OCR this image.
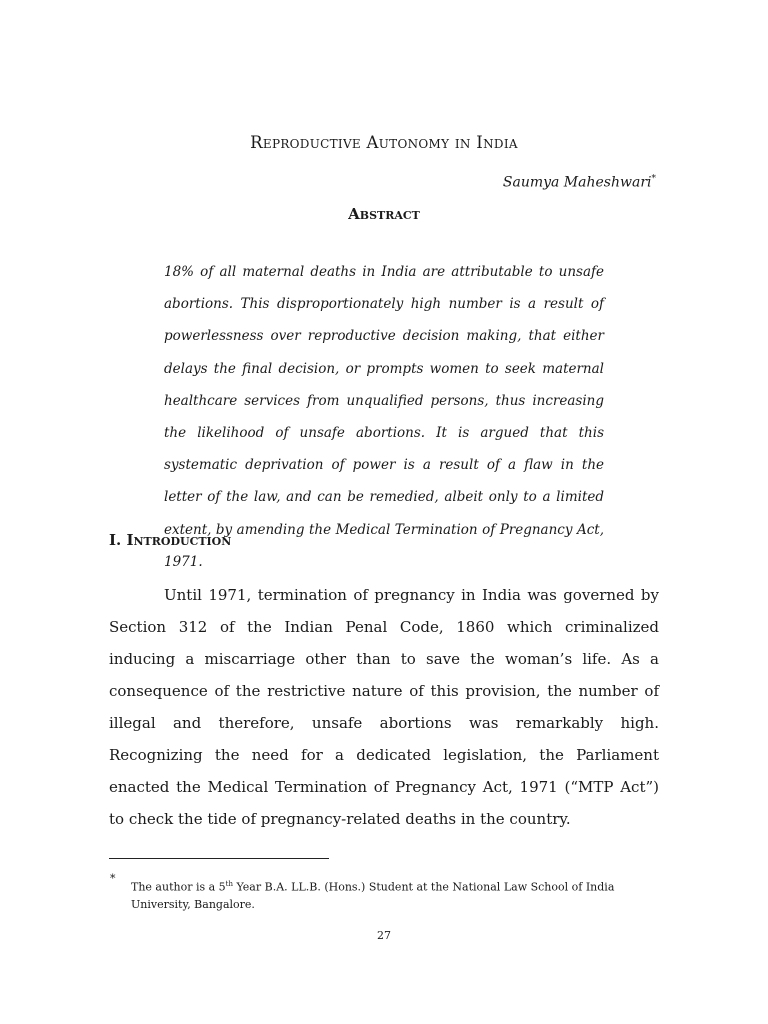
Reproductive Autonomy in India
Saumya Maheshwari*
Abstract

18% of all maternal deaths in India are attributable to unsafe abortions. This disproportionately high number is a result of powerlessness over reproductive decision making, that either delays the final decision, or prompts women to seek maternal healthcare services from unqualified persons, thus increasing the likelihood of unsafe abortions. It is argued that this systematic deprivation of power is a result of a flaw in the letter of the law, and can be remedied, albeit only to a limited extent, by amending the Medical Termination of Pregnancy Act, 1971.

I. Introduction

Until 1971, termination of pregnancy in India was governed by Section 312 of the Indian Penal Code, 1860 which criminalized inducing a miscarriage other than to save the woman’s life. As a consequence of the restrictive nature of this provision, the number of illegal and therefore, unsafe abortions was remarkably high. Recognizing the need for a dedicated legislation, the Parliament enacted the Medical Termination of Pregnancy Act, 1971 (“MTP Act”) to check the tide of pregnancy-related deaths in the country.

*

The author is a 5th Year B.A. LL.B. (Hons.) Student at the National Law School of India University, Bangalore.

27
